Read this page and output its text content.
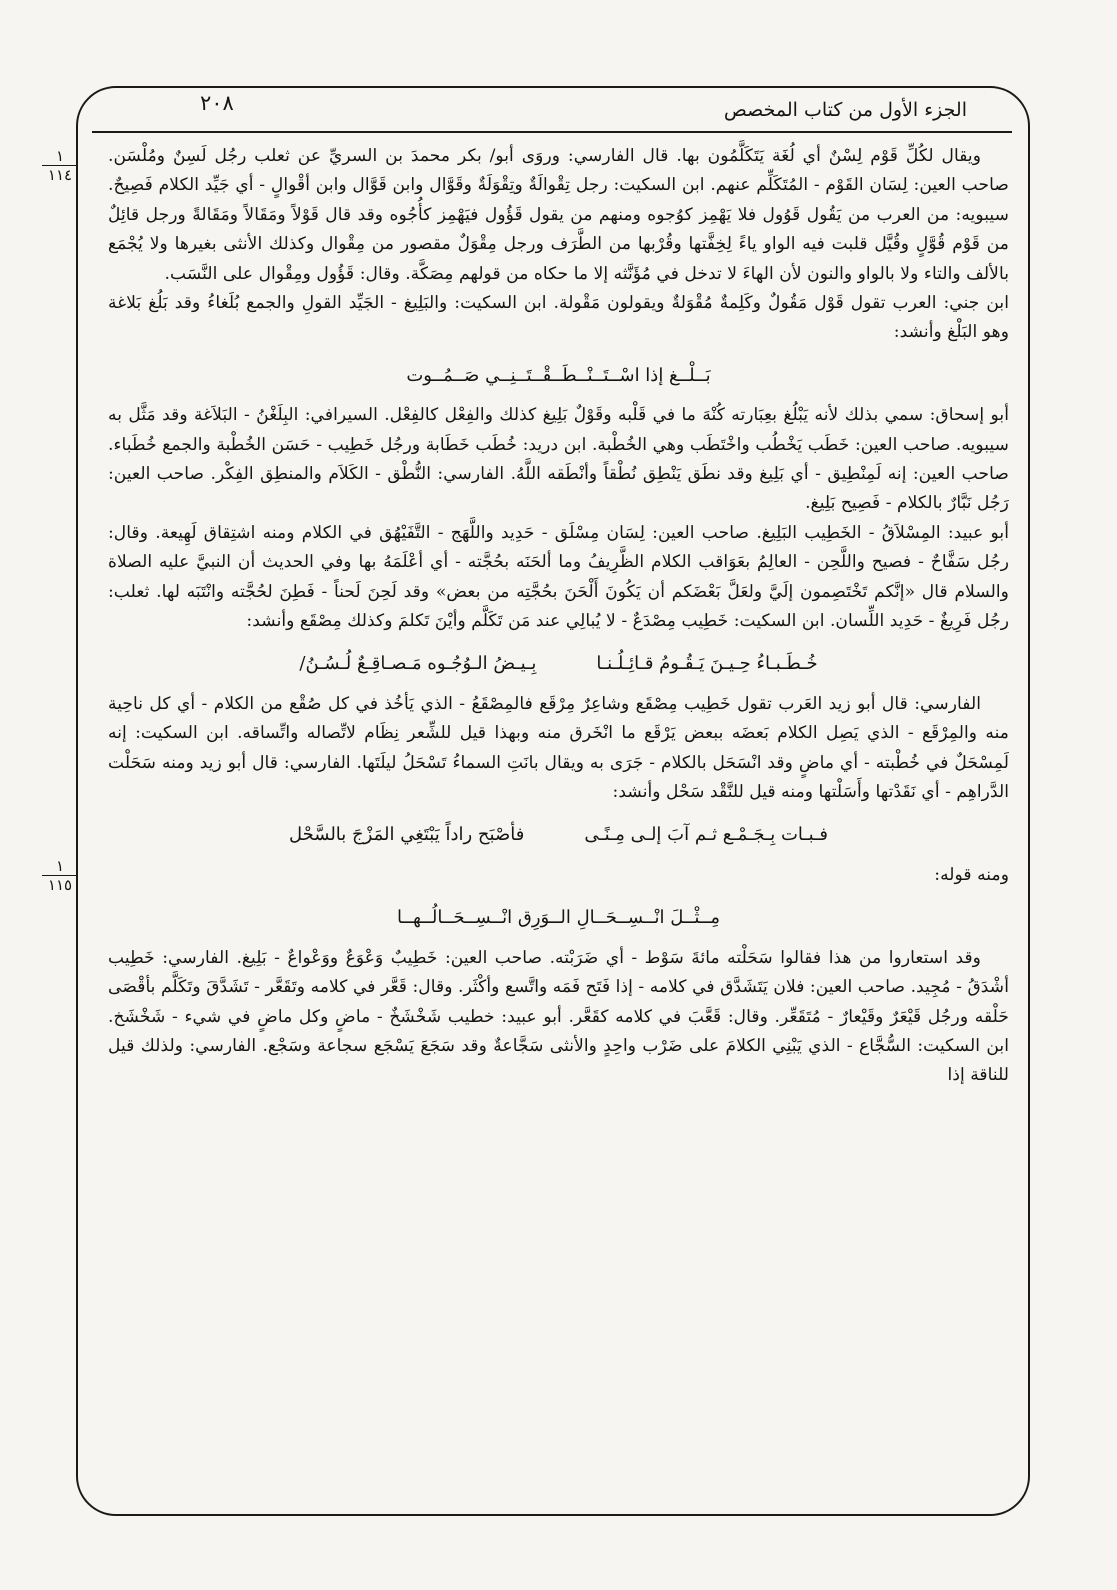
٢٠٨	الجزء الأول من كتاب المخصص
١
١١٤
١
١١٥

ويقال لكُلِّ قَوْم لِسْنٌ أي لُغَة يَتَكَلَّمُون بها. قال الفارسي: وروَى أبو/ بكر محمدَ بن السريِّ عن ثعلب رجُل لَسِنٌ ومُلْسَن. صاحب العين: لِسَان القَوْم - المُتَكَلِّم عنهم. ابن السكيت: رجل تِقْوالَةٌ وتِقْوَلَةٌ وقَوَّال وابن قَوَّال وابن أقْوالٍ - أي جَيِّد الكلام فَصِيحٌ. سيبويه: من العرب من يَقُول قَوُول فلا يَهْمِز كوُجوه ومنهم من يقول قَؤُول فيَهْمِز كأُجُوه وقد قال قَوْلاً ومَقَالاً ومَقَالةً ورجل قائِلٌ من قَوْم قُوَّلٍ وقُيَّل قلبت فيه الواو ياءً لِخِفَّتها وقُرْبها من الطَّرَف ورجل مِقْوَلٌ مقصور من مِقْوال وكذلك الأنثى بغيرها ولا يُجْمَع بالألف والتاء ولا بالواو والنون لأن الهاءَ لا تدخل في مُؤَنَّثه إلا ما حكاه من قولهم مِصَكَّة. وقال: قَؤُول ومِقْوال على النَّسَب.

ابن جني: العرب تقول قَوْل مَقُولٌ وكَلِمةٌ مُقْوَلةٌ ويقولون مَقْولة. ابن السكيت: والبَلِيغ - الجَيِّد القولِ والجمع بُلَغاءُ وقد بَلُغ بَلاغة وهو البَلْغ وأنشد:

بَــلْــغ إذا اسْــتَــنْــطَــقْــتَــنِــي صَــمُــوت

أبو إسحاق: سمي بذلك لأنه يَبْلُغ بعِبَارته كُنْهَ ما في قَلْبه وقَوْلٌ بَلِيغ كذلك والفِعْل كالفِعْل. السيرافي: البِلَغْنُ - البَلاَغة وقد مَثَّل به سيبويه. صاحب العين: خَطَب يَخْطُب واخْتَطَب وهي الخُطْبة. ابن دريد: خُطَب خَطَابة ورجُل خَطِيب - حَسَن الخُطْبة والجمع خُطَباء. صاحب العين: إنه لَمِنْطِيق - أي بَلِيغ وقد نطَق يَنْطِق نُطْقاً وأنْطَقه اللَّهُ. الفارسي: النُّطْق - الكَلاَم والمنطِق الفِكْر. صاحب العين: رَجُل نَبَّارٌ بالكلام - فَصِيح بَلِيغ.

أبو عبيد: المِسْلاَقُ - الخَطِيب البَلِيغ. صاحب العين: لِسَان مِسْلَق - حَدِيد واللَّهَج - التَّفَيْهُق في الكلام ومنه اشتِقاق لَهِيعة. وقال: رجُل سَفَّاحٌ - فصيح واللَّحِن - العالِمُ بعَوَاقب الكلام الظَّرِيفُ وما ألحَنَه بحُجَّته - أي أعْلَمَهُ بها وفي الحديث أن النبيَّ عليه الصلاة والسلام قال «إنَّكم تَخْتَصِمون إلَيَّ ولعَلَّ بَعْضَكم أن يَكُونَ أَلْحَنَ بحُجَّتِه من بعض» وقد لَحِنَ لَحناً - فَطِنَ لحُجَّته وانْتَبَه لها. ثعلب: رجُل فَرِيغٌ - حَدِيد اللِّسان. ابن السكيت: خَطِيب مِصْدَعٌ - لا يُبالِي عند مَن تَكَلَّم وأيْنَ تَكلمَ وكذلك مِصْقَع وأنشد:

خُـطَـبـاءُ حِـيـنَ يَـقُـومُ قـائِـلُـنـا
بِـيـضُ الـوُجُـوه مَـصـاقِـعٌ لُـسُـنُ/

الفارسي: قال أبو زيد العَرب تقول خَطِيب مِصْقَع وشاعِرٌ مِرْقَع فالمِصْقَعُ - الذي يَأخُذ في كل صُقْع من الكلام - أي كل ناحِية منه والمِرْقَع - الذي يَصِل الكلام بَعضَه ببعض يَرْقَع ما انْخَرق منه وبهذا قيل للشِّعر نِظَام لاتِّصاله واتِّساقه. ابن السكيت: إنه لَمِسْحَلٌ في خُطْبته - أي ماضٍ وقد انْسَحَل بالكلام - جَرَى به ويقال بانَتِ السماءُ تَسْحَلُ ليلَتَها. الفارسي: قال أبو زيد ومنه سَحَلْت الدَّراهِم - أي نَقَدْتها وأَسَلْتها ومنه قيل للنَّقْد سَحْل وأنشد:

فـبـات بِـجَـمْـع ثـم آبَ إلـى مِـنًـى
فأصْبَح راداً يَبْتَغِي المَزْجَ بالسَّحْل

ومنه قوله:

مِــثْــلَ انْــسِــحَــالِ الــوَرِق انْــسِــحَــالُــهــا

وقد استعاروا من هذا فقالوا سَحَلْته مائةَ سَوْط - أي ضَرَبْته. صاحب العين: خَطِيبٌ وَعْوَعٌ ووَعْواعٌ - بَلِيغ. الفارسي: خَطِيب أشْدَقُ - مُجِيد. صاحب العين: فلان يَتَشَدَّق في كلامه - إذا فَتَح فَمَه واتَّسع وأكْثَر. وقال: قَعَّر في كلامه وتَقَعَّر - تَشَدَّقَ وتَكَلَّم بأقْصَى حَلْقه ورجُل قَيْعَرٌ وقَيْعارٌ - مُتَقَعِّر. وقال: قَعَّبَ في كلامه كقَعَّر. أبو عبيد: خطيب شَخْشَخٌ - ماضٍ وكل ماضٍ في شيء - شَخْشَخ. ابن السكيت: السُّجَّاع - الذي يَبْنِي الكلامَ على ضَرْب واحِدٍ والأنثى سَجَّاعةٌ وقد سَجَعَ يَسْجَع سجاعة وسَجْع. الفارسي: ولذلك قيل للناقة إذا
